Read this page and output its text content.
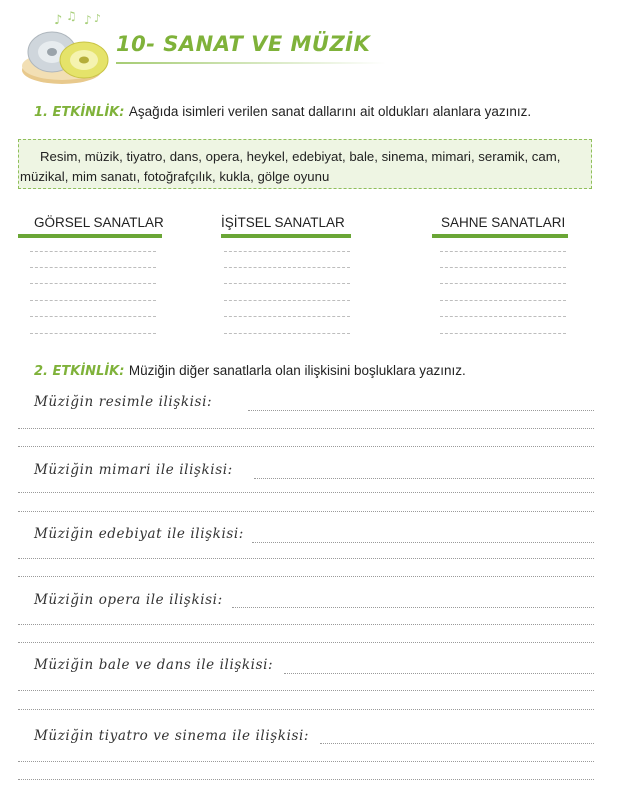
♪ ♫ ♪ ♪
10- SANAT VE MÜZİK
1. ETKİNLİK: Aşağıda isimleri verilen sanat dallarını ait oldukları alanlara yazınız.
Resim, müzik, tiyatro, dans, opera, heykel, edebiyat, bale, sinema, mimari, seramik, cam, müzikal, mim sanatı, fotoğrafçılık, kukla, gölge oyunu
GÖRSEL SANATLAR	İŞİTSEL SANATLAR	SAHNE SANATLARI
2. ETKİNLİK: Müziğin diğer sanatlarla olan ilişkisini boşluklara yazınız.
Müziğin resimle ilişkisi:
Müziğin mimari ile ilişkisi:
Müziğin edebiyat ile ilişkisi:
Müziğin opera ile ilişkisi:
Müziğin bale ve dans ile ilişkisi:
Müziğin tiyatro ve sinema ile ilişkisi:
